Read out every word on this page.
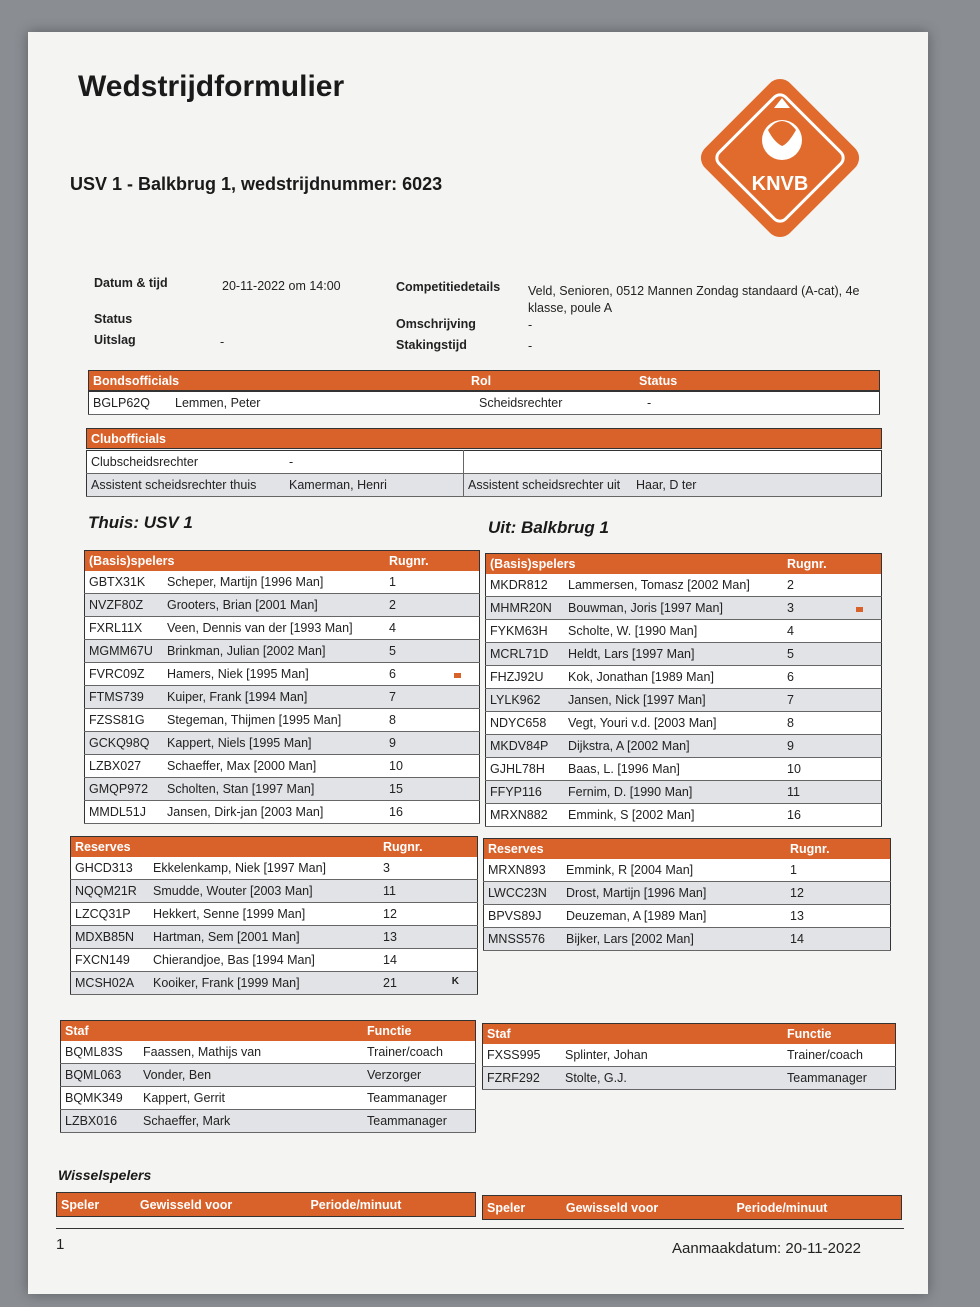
Wedstrijdformulier
USV 1 - Balkbrug 1, wedstrijdnummer: 6023	KNVB
Datum & tijd	20-11-2022 om 14:00
Status
Uitslag	-
Competitiedetails Veld, Senioren, 0512 Mannen Zondag standaard (A-cat), 4e klasse, poule A
Omschrijving	-
Stakingstijd	-
Bondsofficials	Rol	Status
BGLP62Q	Lemmen, Peter	Scheidsrechter	-
Clubofficials
Clubscheidsrechter	-		
Assistent scheidsrechter thuis	Kamerman, Henri	Assistent scheidsrechter uit	Haar, D ter
Thuis: USV 1	Uit: Balkbrug 1
(Basis)spelers		Rugnr.
GBTX31K	Scheper, Martijn [1996 Man]	1
NVZF80Z	Grooters, Brian [2001 Man]	2
FXRL11X	Veen, Dennis van der [1993 Man]	4
MGMM67U	Brinkman, Julian [2002 Man]	5
FVRC09Z	Hamers, Niek [1995 Man]	6

FTMS739	Kuiper, Frank [1994 Man]	7
FZSS81G	Stegeman, Thijmen [1995 Man]	8
GCKQ98Q	Kappert, Niels [1995 Man]	9
LZBX027	Schaeffer, Max [2000 Man]	10
GMQP972	Scholten, Stan [1997 Man]	15
MMDL51J	Jansen, Dirk-jan [2003 Man]	16
(Basis)spelers		Rugnr.
MKDR812	Lammersen, Tomasz [2002 Man]	2
MHMR20N	Bouwman, Joris [1997 Man]	3

FYKM63H	Scholte, W. [1990 Man]	4
MCRL71D	Heldt, Lars [1997 Man]	5
FHZJ92U	Kok, Jonathan [1989 Man]	6
LYLK962	Jansen, Nick [1997 Man]	7
NDYC658	Vegt, Youri v.d. [2003 Man]	8
MKDV84P	Dijkstra, A [2002 Man]	9
GJHL78H	Baas, L. [1996 Man]	10
FFYP116	Fernim, D. [1990 Man]	11
MRXN882	Emmink, S [2002 Man]	16
Reserves		Rugnr.
GHCD313	Ekkelenkamp, Niek [1997 Man]	3
NQQM21R	Smudde, Wouter [2003 Man]	11
LZCQ31P	Hekkert, Senne [1999 Man]	12
MDXB85N	Hartman, Sem [2001 Man]	13
FXCN149	Chierandjoe, Bas [1994 Man]	14
MCSH02A	Kooiker, Frank [1999 Man]	21 K
Reserves		Rugnr.
MRXN893	Emmink, R [2004 Man]	1
LWCC23N	Drost, Martijn [1996 Man]	12
BPVS89J	Deuzeman, A [1989 Man]	13
MNSS576	Bijker, Lars [2002 Man]	14
Staf		Functie
BQML83S	Faassen, Mathijs van	Trainer/coach
BQML063	Vonder, Ben	Verzorger
BQMK349	Kappert, Gerrit	Teammanager
LZBX016	Schaeffer, Mark	Teammanager
Staf		Functie
FXSS995	Splinter, Johan	Trainer/coach
FZRF292	Stolte, G.J.	Teammanager
Wisselspelers
Speler	Gewisseld voor	Periode/minuut	Speler	Gewisseld voor	Periode/minuut
1	Aanmaakdatum: 20-11-2022
